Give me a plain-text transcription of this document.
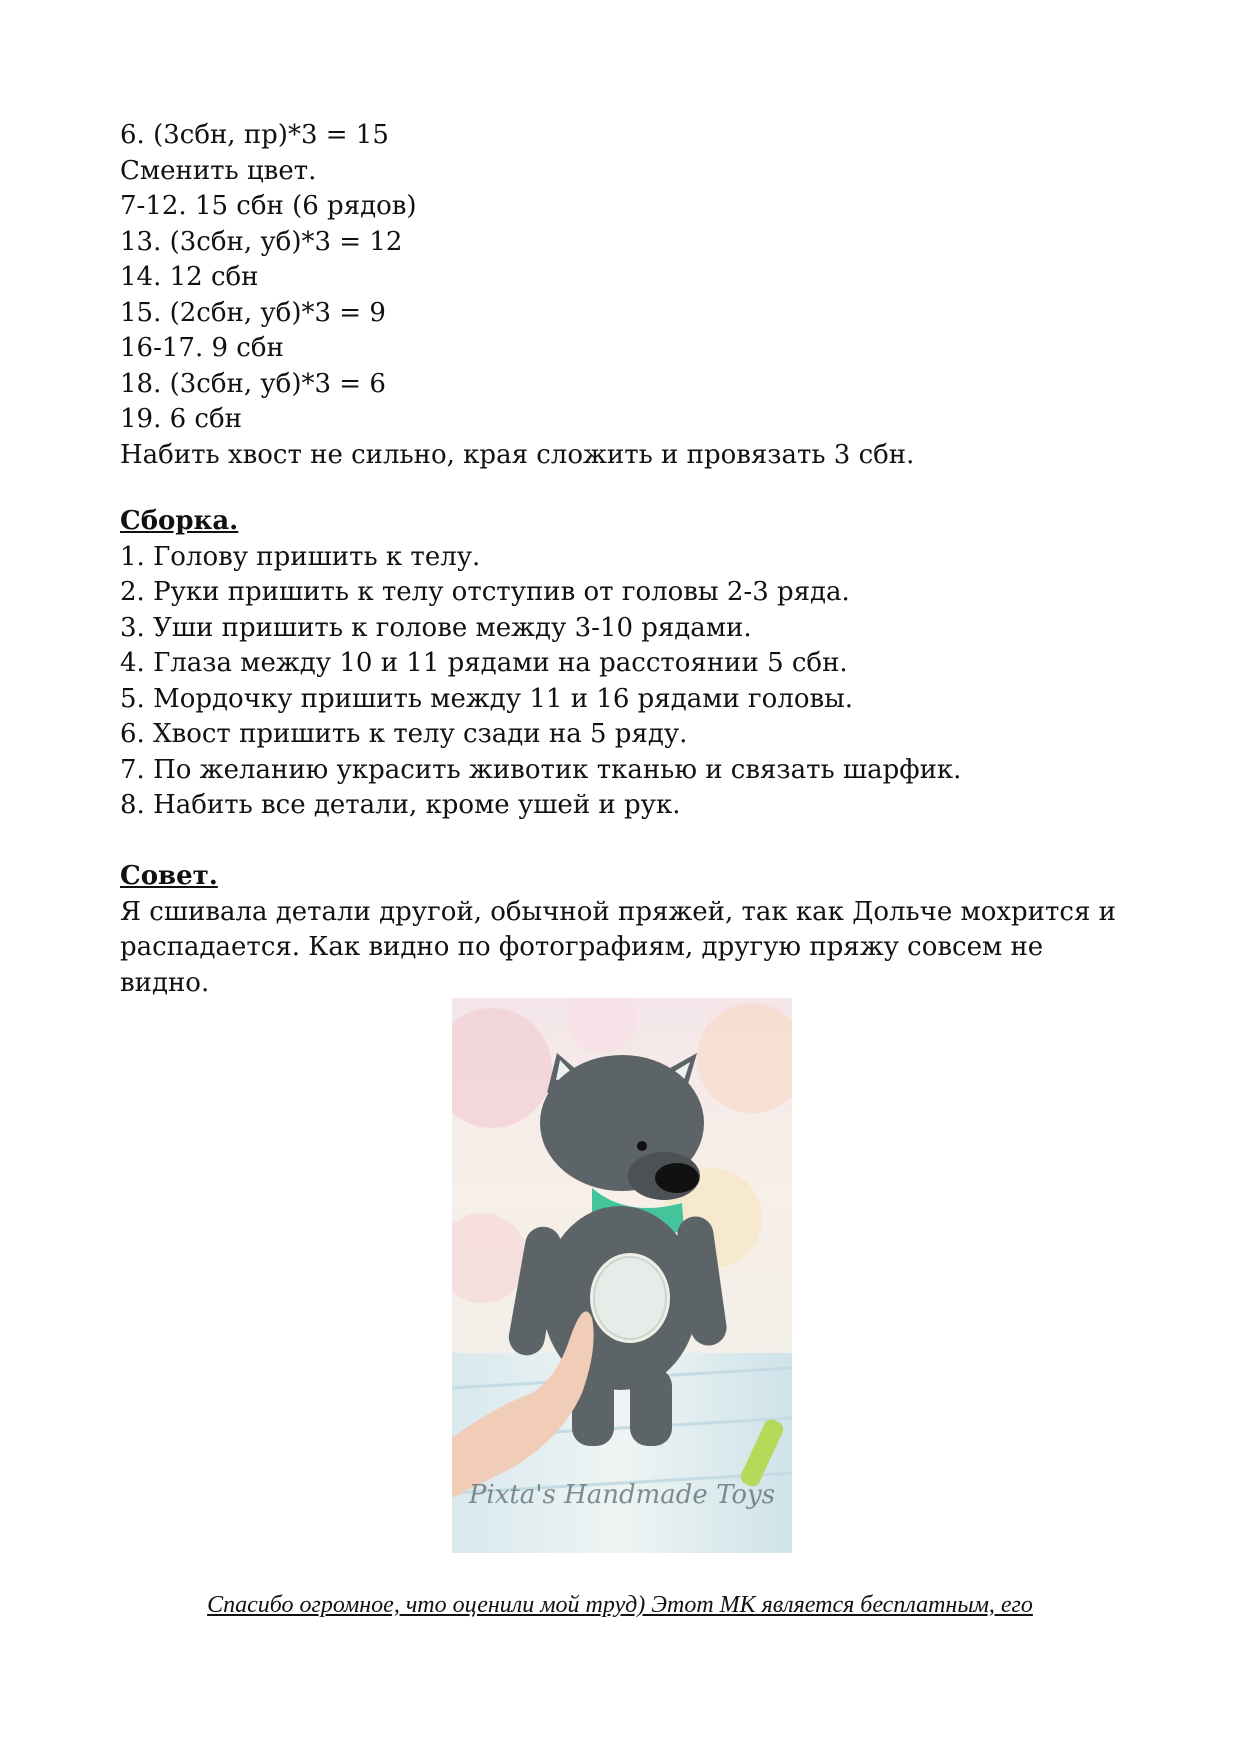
6. (3сбн, пр)*3 = 15
Сменить цвет.
7-12. 15 сбн (6 рядов)
13. (3сбн, уб)*3 = 12
14. 12 сбн
15. (2сбн, уб)*3 = 9
16-17. 9 сбн
18. (3сбн, уб)*3 = 6
19. 6 сбн
Набить хвост не сильно, края сложить и провязать 3 сбн.
Сборка.
1. Голову пришить к телу.
2. Руки пришить к телу отступив от головы 2-3 ряда.
3. Уши пришить к голове между 3-10 рядами.
4. Глаза между 10 и 11 рядами на расстоянии 5 сбн.
5. Мордочку пришить между 11 и 16 рядами головы.
6. Хвост пришить к телу сзади на 5 ряду.
7. По желанию украсить животик тканью и связать шарфик.
8. Набить все детали, кроме ушей и рук.
Совет.
Я сшивала детали другой, обычной пряжей, так как Дольче мохрится и распадается. Как видно по фотографиям, другую пряжу совсем не видно.
Pixta's Handmade Toys
Спасибо огромное, что оценили мой труд) Этот МК является бесплатным, его
